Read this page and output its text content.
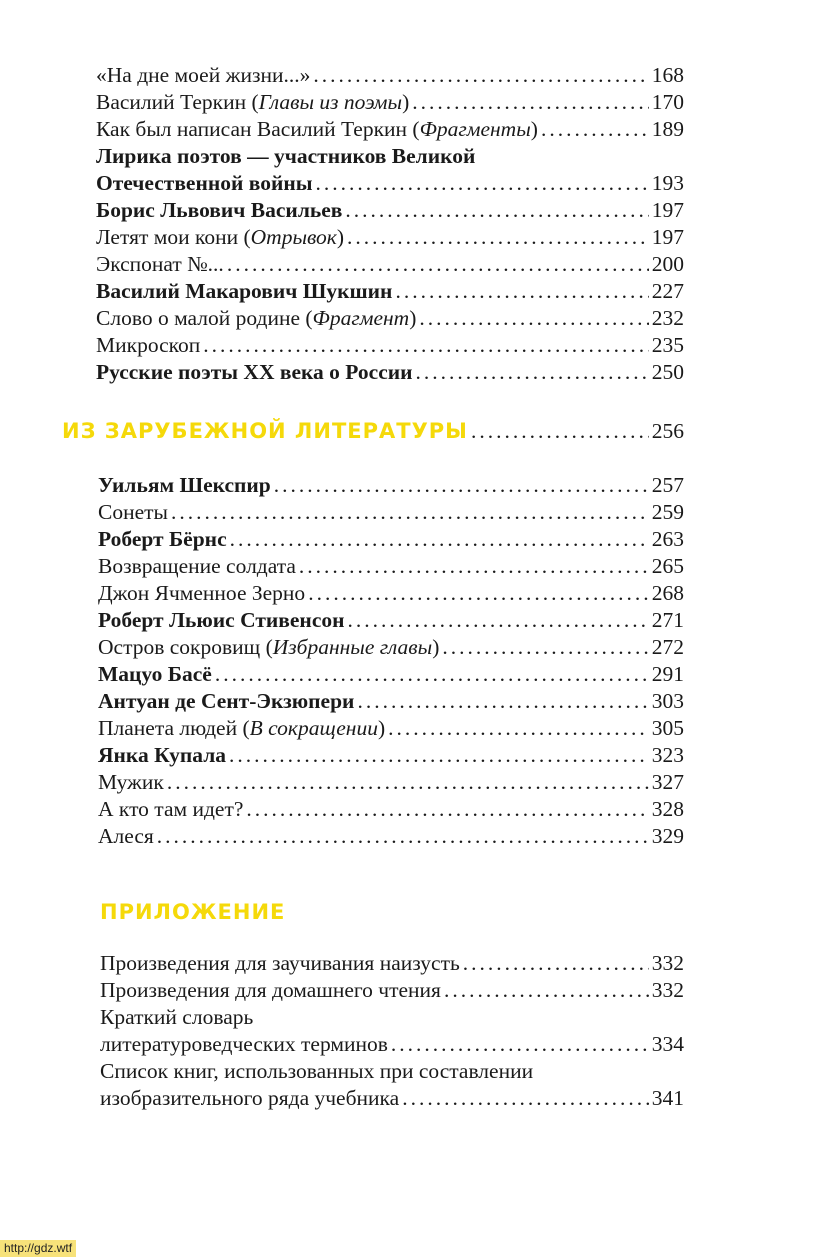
«На дне моей жизни...» .....	168
Василий Теркин (Главы из поэмы) .....	170
Как был написан Василий Теркин (Фрагменты) .....	189
Лирика поэтов — участников Великой
Отечественной войны .....	193
Борис Львович Васильев .....	197
Летят мои кони (Отрывок) .....	197
Экспонат №... .....	200
Василий Макарович Шукшин .....	227
Слово о малой родине (Фрагмент) .....	232
Микроскоп .....	235
Русские поэты XX века о России .....	250
ИЗ ЗАРУБЕЖНОЙ ЛИТЕРАТУРЫ .....	256
Уильям Шекспир .....	257
Сонеты .....	259
Роберт Бёрнс .....	263
Возвращение солдата .....	265
Джон Ячменное Зерно .....	268
Роберт Льюис Стивенсон .....	271
Остров сокровищ (Избранные главы) .....	272
Мацуо Басё .....	291
Антуан де Сент-Экзюпери .....	303
Планета людей (В сокращении) .....	305
Янка Купала .....	323
Мужик .....	327
А кто там идет? .....	328
Алеся .....	329
ПРИЛОЖЕНИЕ
Произведения для заучивания наизусть .....	332
Произведения для домашнего чтения .....	332
Краткий словарь
литературоведческих терминов .....	334
Список книг, использованных при составлении
изобразительного ряда учебника .....	341
http://gdz.wtf
